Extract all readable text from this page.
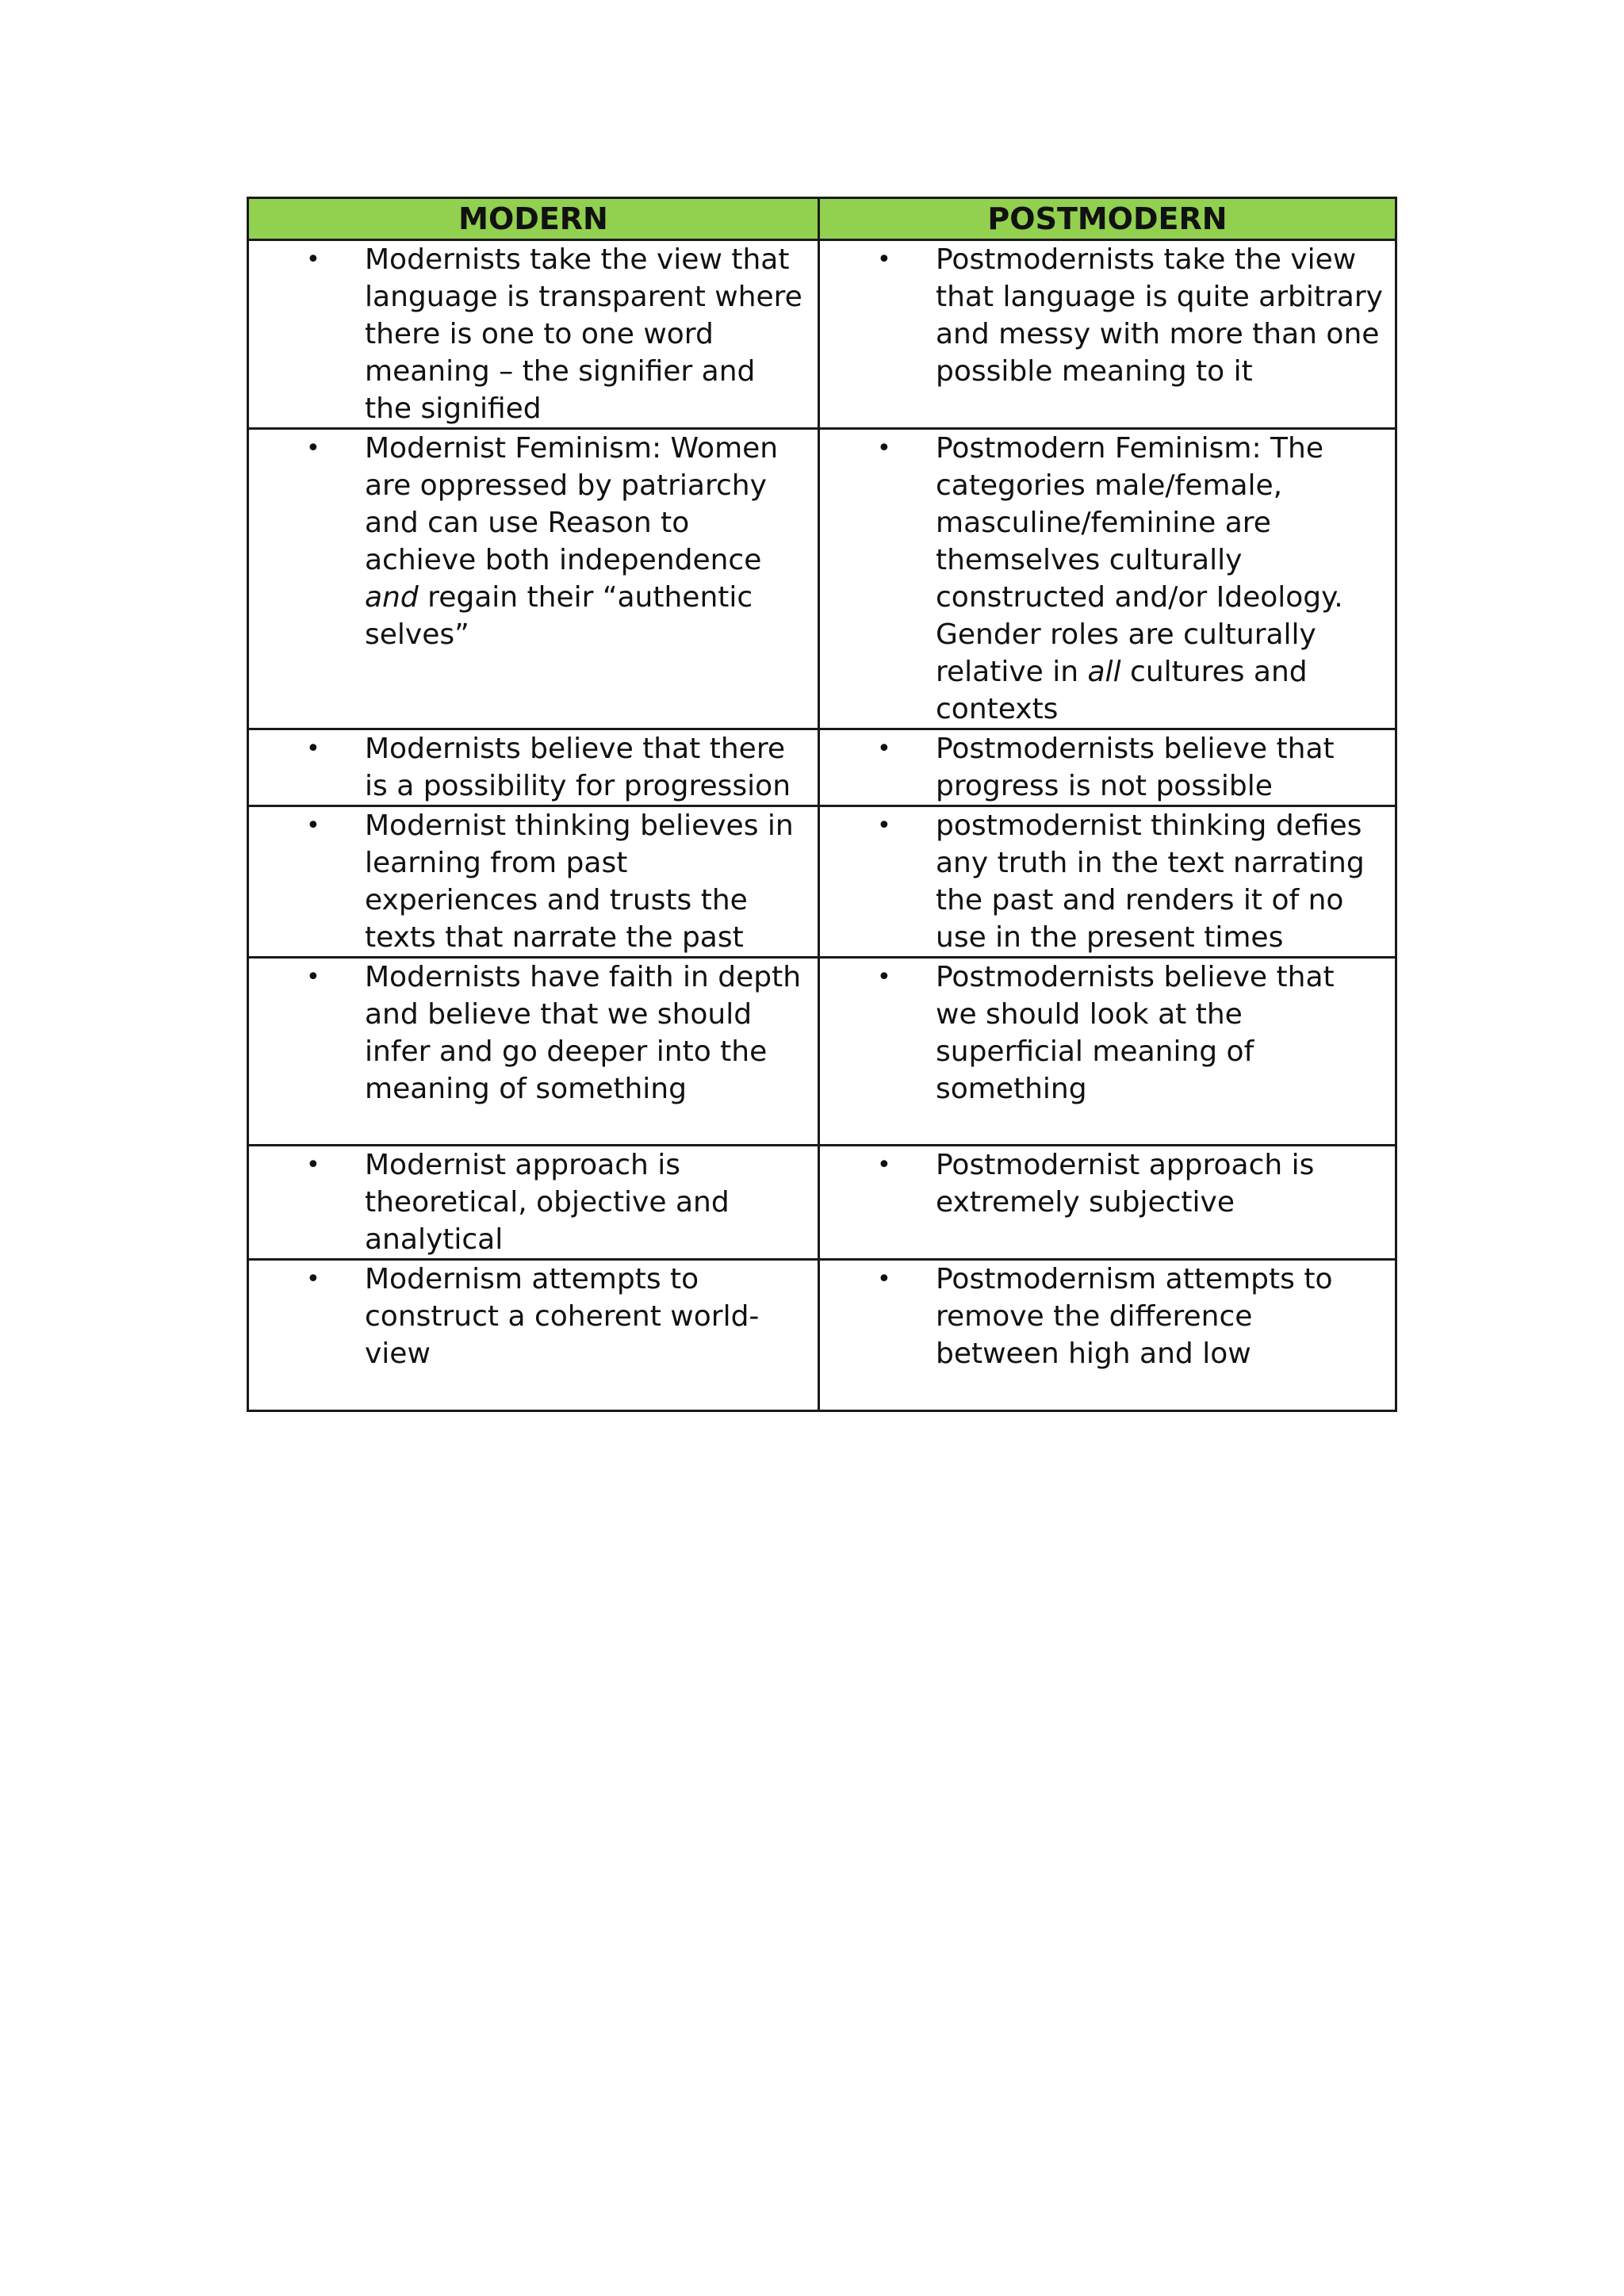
MODERN	POSTMODERN

• Modernists take the view that language is transparent where there is one to one word meaning – the signifier and the signified	• Postmodernists take the view that language is quite arbitrary and messy with more than one possible meaning to it

• Modernist Feminism: Women are oppressed by patriarchy and can use Reason to achieve both independence and regain their “authentic selves”	• Postmodern Feminism: The categories male/female, masculine/feminine are themselves culturally constructed and/or Ideology. Gender roles are culturally relative in all cultures and contexts

• Modernists believe that there is a possibility for progression	• Postmodernists believe that progress is not possible

• Modernist thinking believes in learning from past experiences and trusts the texts that narrate the past	• postmodernist thinking defies any truth in the text narrating the past and renders it of no use in the present times

• Modernists have faith in depth and believe that we should infer and go deeper into the meaning of something	• Postmodernists believe that we should look at the superficial meaning of something

• Modernist approach is theoretical, objective and analytical	• Postmodernist approach is extremely subjective

• Modernism attempts to construct a coherent world-view	• Postmodernism attempts to remove the difference between high and low
